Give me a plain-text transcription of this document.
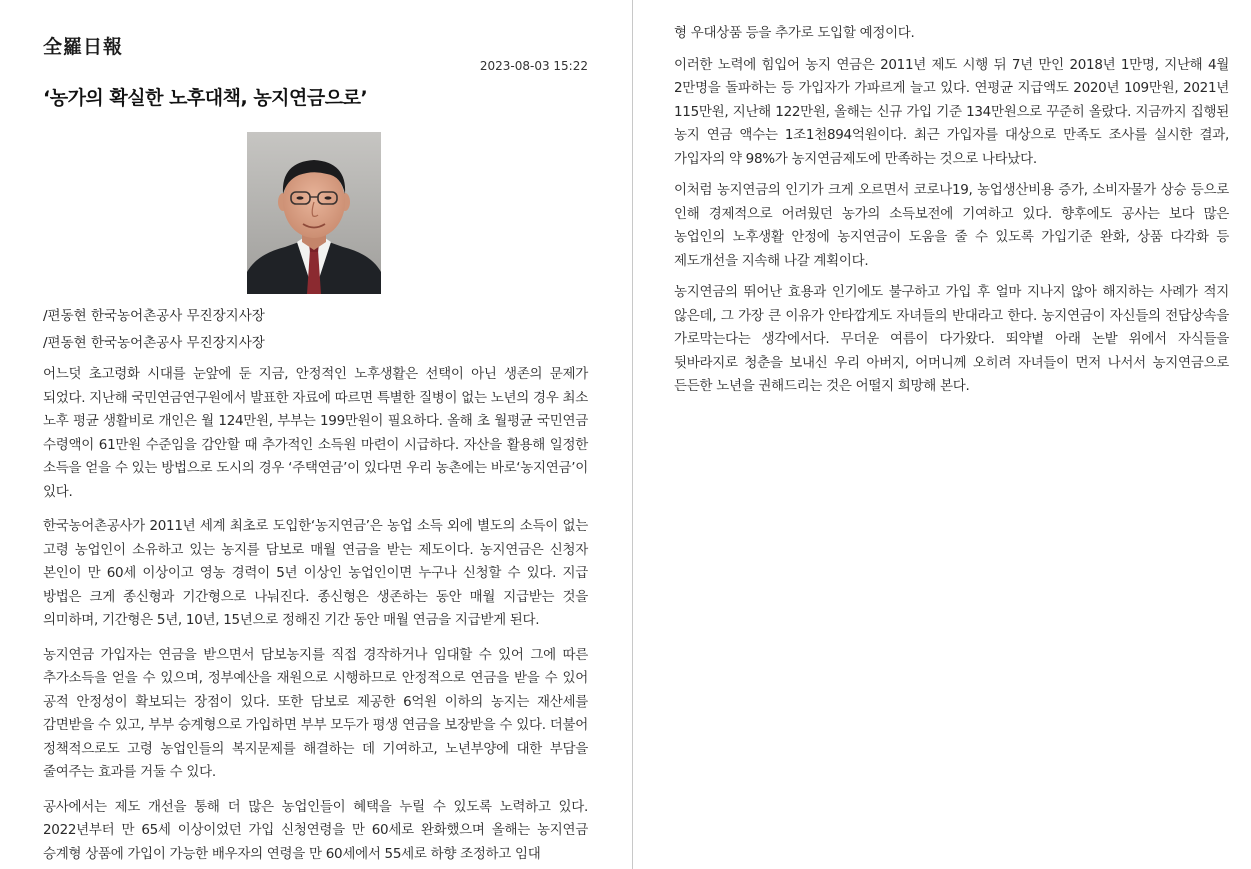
全羅日報
2023-08-03 15:22
‘농가의 확실한 노후대책, 농지연금으로’
/편동현 한국농어촌공사 무진장지사장
/편동현 한국농어촌공사 무진장지사장

어느덧 초고령화 시대를 눈앞에 둔 지금, 안정적인 노후생활은 선택이 아닌 생존의 문제가 되었다. 지난해 국민연금연구원에서 발표한 자료에 따르면 특별한 질병이 없는 노년의 경우 최소 노후 평균 생활비로 개인은 월 124만원, 부부는 199만원이 필요하다. 올해 초 월평균 국민연금 수령액이 61만원 수준임을 감안할 때 추가적인 소득원 마련이 시급하다. 자산을 활용해 일정한 소득을 얻을 수 있는 방법으로 도시의 경우 ‘주택연금’이 있다면 우리 농촌에는 바로‘농지연금’이 있다.

한국농어촌공사가 2011년 세계 최초로 도입한‘농지연금’은 농업 소득 외에 별도의 소득이 없는 고령 농업인이 소유하고 있는 농지를 담보로 매월 연금을 받는 제도이다. 농지연금은 신청자 본인이 만 60세 이상이고 영농 경력이 5년 이상인 농업인이면 누구나 신청할 수 있다. 지급 방법은 크게 종신형과 기간형으로 나눠진다. 종신형은 생존하는 동안 매월 지급받는 것을 의미하며, 기간형은 5년, 10년, 15년으로 정해진 기간 동안 매월 연금을 지급받게 된다.

농지연금 가입자는 연금을 받으면서 담보농지를 직접 경작하거나 임대할 수 있어 그에 따른 추가소득을 얻을 수 있으며, 정부예산을 재원으로 시행하므로 안정적으로 연금을 받을 수 있어 공적 안정성이 확보되는 장점이 있다. 또한 담보로 제공한 6억원 이하의 농지는 재산세를 감면받을 수 있고, 부부 승계형으로 가입하면 부부 모두가 평생 연금을 보장받을 수 있다. 더불어 정책적으로도 고령 농업인들의 복지문제를 해결하는 데 기여하고, 노년부양에 대한 부담을 줄여주는 효과를 거둘 수 있다.

공사에서는 제도 개선을 통해 더 많은 농업인들이 혜택을 누릴 수 있도록 노력하고 있다. 2022년부터 만 65세 이상이었던 가입 신청연령을 만 60세로 완화했으며 올해는 농지연금 승계형 상품에 가입이 가능한 배우자의 연령을 만 60세에서 55세로 하향 조정하고 임대

형 우대상품 등을 추가로 도입할 예정이다.

이러한 노력에 힘입어 농지 연금은 2011년 제도 시행 뒤 7년 만인 2018년 1만명, 지난해 4월 2만명을 돌파하는 등 가입자가 가파르게 늘고 있다. 연평균 지급액도 2020년 109만원, 2021년 115만원, 지난해 122만원, 올해는 신규 가입 기준 134만원으로 꾸준히 올랐다. 지금까지 집행된 농지 연금 액수는 1조1천894억원이다. 최근 가입자를 대상으로 만족도 조사를 실시한 결과, 가입자의 약 98%가 농지연금제도에 만족하는 것으로 나타났다.

이처럼 농지연금의 인기가 크게 오르면서 코로나19, 농업생산비용 증가, 소비자물가 상승 등으로 인해 경제적으로 어려웠던 농가의 소득보전에 기여하고 있다. 향후에도 공사는 보다 많은 농업인의 노후생활 안정에 농지연금이 도움을 줄 수 있도록 가입기준 완화, 상품 다각화 등 제도개선을 지속해 나갈 계획이다.

농지연금의 뛰어난 효용과 인기에도 불구하고 가입 후 얼마 지나지 않아 해지하는 사례가 적지 않은데, 그 가장 큰 이유가 안타깝게도 자녀들의 반대라고 한다. 농지연금이 자신들의 전답상속을 가로막는다는 생각에서다. 무더운 여름이 다가왔다. 뙤약볕 아래 논밭 위에서 자식들을 뒷바라지로 청춘을 보내신 우리 아버지, 어머니께 오히려 자녀들이 먼저 나서서 농지연금으로 든든한 노년을 권해드리는 것은 어떨지 희망해 본다.
